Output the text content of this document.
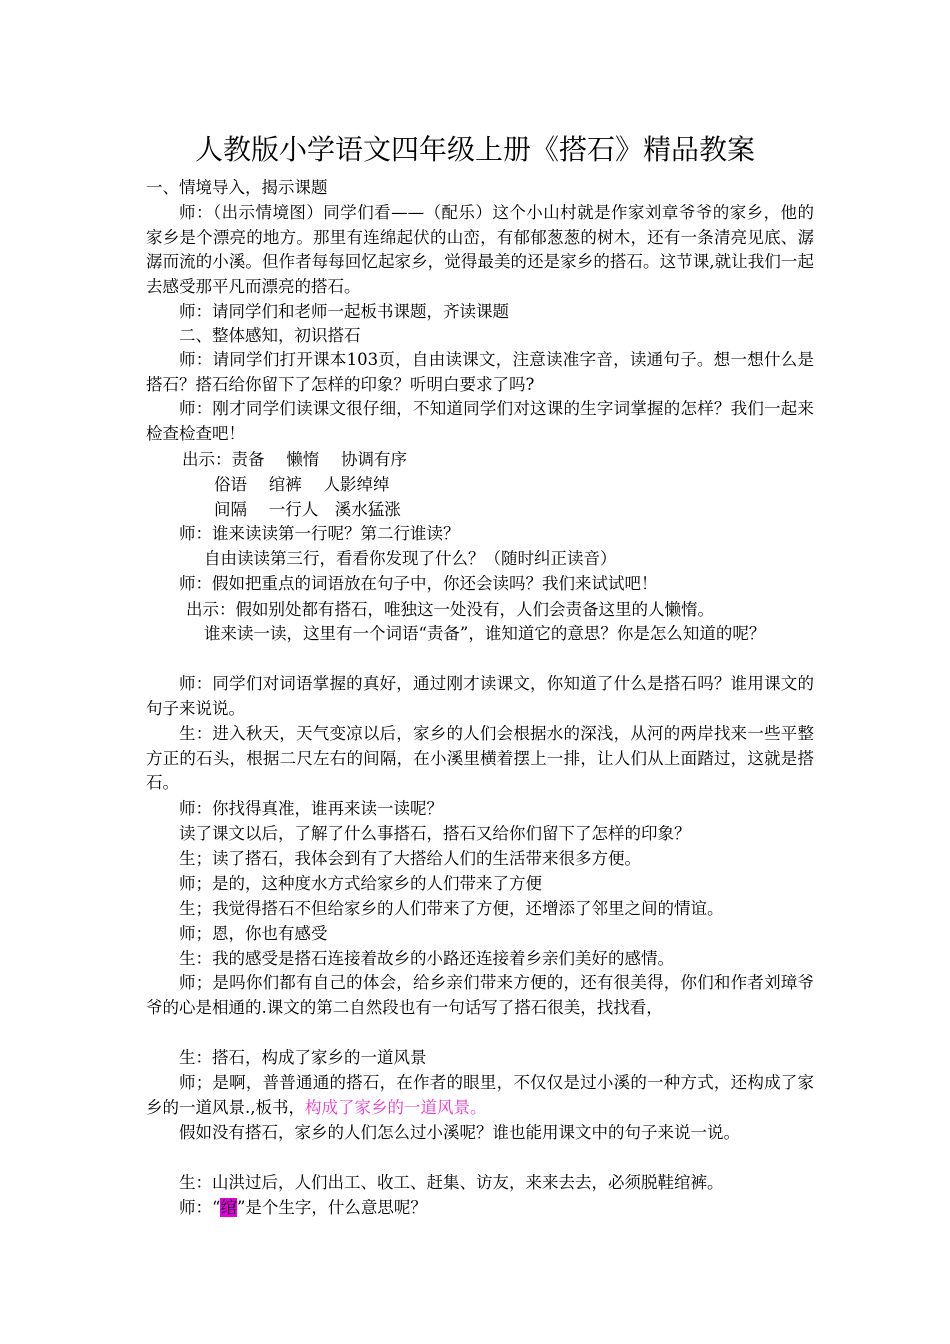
人教版小学语文四年级上册《搭石》精品教案
一、情境导入，揭示课题
师：（出示情境图）同学们看——（配乐）这个小山村就是作家刘章爷爷的家乡，他的家乡是个漂亮的地方。那里有连绵起伏的山峦，有郁郁葱葱的树木，还有一条清亮见底、潺潺而流的小溪。但作者每每回忆起家乡，觉得最美的还是家乡的搭石。这节课,就让我们一起去感受那平凡而漂亮的搭石。
师：请同学们和老师一起板书课题，齐读课题
二、整体感知，初识搭石
师：请同学们打开课本103页，自由读课文，注意读准字音，读通句子。想一想什么是搭石？搭石给你留下了怎样的印象？听明白要求了吗?
师：刚才同学们读课文很仔细，不知道同学们对这课的生字词掌握的怎样？我们一起来检查检查吧！
出示：责备　 懒惰　 协调有序
俗语　 绾裤　 人影绰绰
间隔　 一行人　溪水猛涨
师：谁来读读第一行呢？第二行谁读？
自由读读第三行，看看你发现了什么？（随时纠正读音）
师：假如把重点的词语放在句子中，你还会读吗？我们来试试吧！
出示：假如别处都有搭石，唯独这一处没有，人们会责备这里的人懒惰。
谁来读一读，这里有一个词语“责备”，谁知道它的意思？你是怎么知道的呢？
师：同学们对词语掌握的真好，通过刚才读课文，你知道了什么是搭石吗？谁用课文的句子来说说。
生：进入秋天，天气变凉以后，家乡的人们会根据水的深浅，从河的两岸找来一些平整方正的石头，根据二尺左右的间隔，在小溪里横着摆上一排，让人们从上面踏过，这就是搭石。
师：你找得真准，谁再来读一读呢？
读了课文以后，了解了什么事搭石，搭石又给你们留下了怎样的印象？
生；读了搭石，我体会到有了大搭给人们的生活带来很多方便。
师；是的，这种度水方式给家乡的人们带来了方便
生；我觉得搭石不但给家乡的人们带来了方便，还增添了邻里之间的情谊。
师；恩，你也有感受
生：我的感受是搭石连接着故乡的小路还连接着乡亲们美好的感情。
师；是吗你们都有自己的体会，给乡亲们带来方便的，还有很美得，你们和作者刘璋爷爷的心是相通的.课文的第二自然段也有一句话写了搭石很美，找找看，
生：搭石，构成了家乡的一道风景
师；是啊，普普通通的搭石，在作者的眼里，不仅仅是过小溪的一种方式，还构成了家乡的一道风景.,板书，构成了家乡的一道风景。
假如没有搭石，家乡的人们怎么过小溪呢？谁也能用课文中的句子来说一说。
生：山洪过后，人们出工、收工、赶集、访友，来来去去，必须脱鞋绾裤。
师：“绾”是个生字，什么意思呢？
